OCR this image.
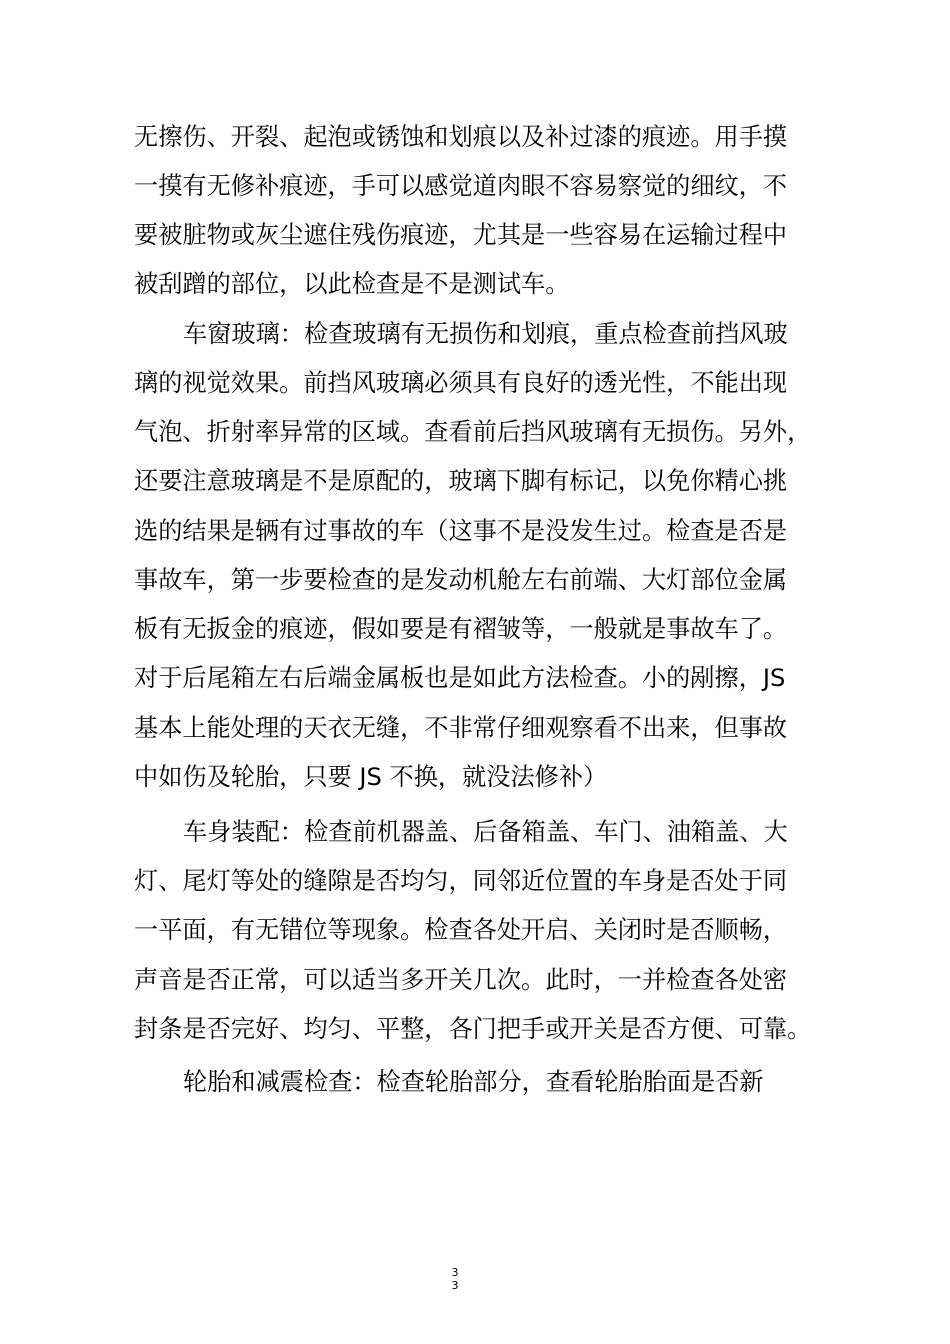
无擦伤、开裂、起泡或锈蚀和划痕以及补过漆的痕迹。用手摸
一摸有无修补痕迹，手可以感觉道肉眼不容易察觉的细纹，不
要被脏物或灰尘遮住残伤痕迹，尤其是一些容易在运输过程中
被刮蹭的部位，以此检查是不是测试车。
车窗玻璃：检查玻璃有无损伤和划痕，重点检查前挡风玻
璃的视觉效果。前挡风玻璃必须具有良好的透光性，不能出现
气泡、折射率异常的区域。查看前后挡风玻璃有无损伤。另外，
还要注意玻璃是不是原配的，玻璃下脚有标记，以免你精心挑
选的结果是辆有过事故的车（这事不是没发生过。检查是否是
事故车，第一步要检查的是发动机舱左右前端、大灯部位金属
板有无扳金的痕迹，假如要是有褶皱等，一般就是事故车了。
对于后尾箱左右后端金属板也是如此方法检查。小的剐擦，JS
基本上能处理的天衣无缝，不非常仔细观察看不出来，但事故
中如伤及轮胎，只要 JS 不换，就没法修补）
车身装配：检查前机器盖、后备箱盖、车门、油箱盖、大
灯、尾灯等处的缝隙是否均匀，同邻近位置的车身是否处于同
一平面，有无错位等现象。检查各处开启、关闭时是否顺畅，
声音是否正常，可以适当多开关几次。此时，一并检查各处密
封条是否完好、均匀、平整，各门把手或开关是否方便、可靠。
轮胎和减震检查：检查轮胎部分，查看轮胎胎面是否新
3
3
